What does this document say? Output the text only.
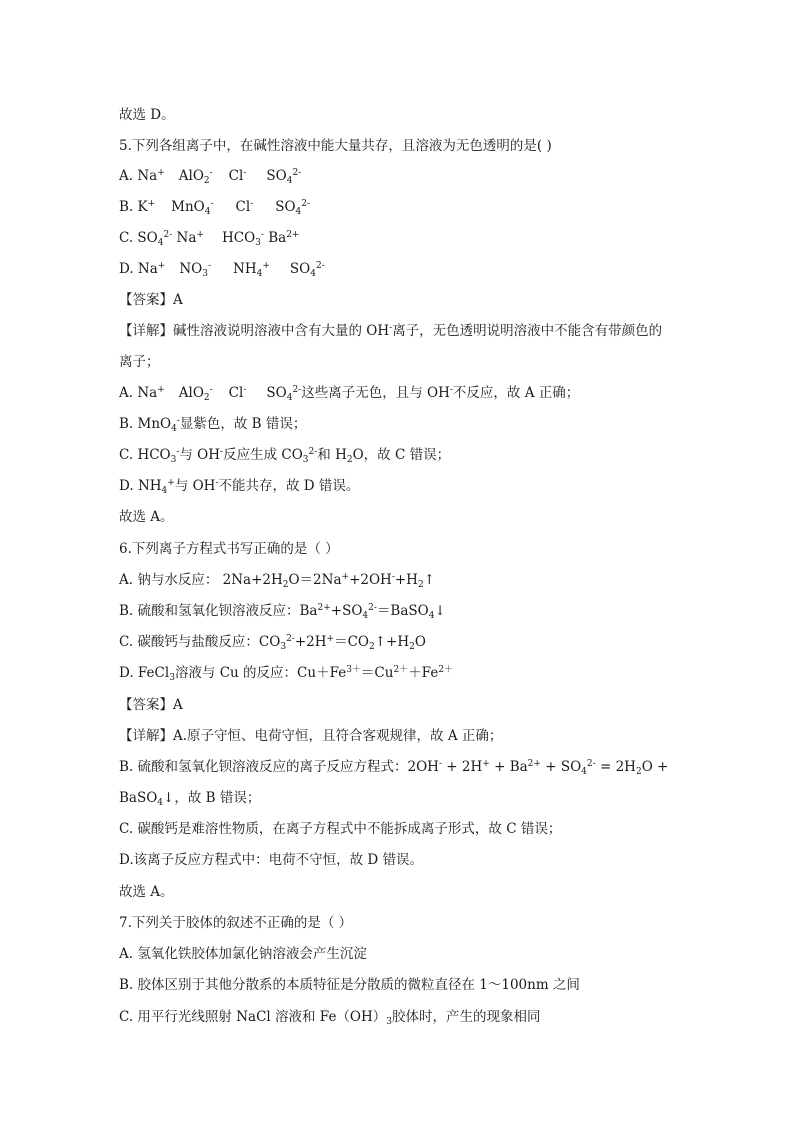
故选 D。
5.下列各组离子中，在碱性溶液中能大量共存，且溶液为无色透明的是( )
A. Na+ AlO$_2$- Cl- $SO_4^{2-}$
B. K+ MnO$_4$- Cl- $SO_4^{2-}$
C. $SO_4^{2-}$ Na+ $HCO_3^-$ $Ba^{2+}$
D. Na+ $NO_3^-$ $NH_4^+$ $SO_4^{2-}$
【答案】A
【详解】碱性溶液说明溶液中含有大量的 OH-离子，无色透明说明溶液中不能含有带颜色的
离子；
A. Na+ AlO$_2$- Cl- $SO_4^{2-}$这些离子无色，且与 OH-不反应，故 A 正确；
B. MnO$_4$-显紫色，故 B 错误；
C. $HCO_3^-$与 OH-反应生成 $CO_3^{2-}$和 $H_2O$，故 C 错误；
D. $NH_4^+$与 OH-不能共存，故 D 错误。
故选 A。
6.下列离子方程式书写正确的是（ ）
A. 钠与水反应： $2Na+2H_2O=2Na^++2OH^-+H_2↑$
B. 硫酸和氢氧化钡溶液反应：$Ba^{2+}+SO_4^{2-}=BaSO_4↓$
C. 碳酸钙与盐酸反应：$CO_3^{2-}+2H^+=CO_2↑+H_2O$
D. FeCl$_3$溶液与 Cu 的反应：$Cu+Fe^{3+}=Cu^{2+}+Fe^{2+}$
【答案】A
【详解】A.原子守恒、电荷守恒，且符合客观规律，故 A 正确；
B. 硫酸和氢氧化钡溶液反应的离子反应方程式：$2OH^- + 2H^+ + Ba^{2+} + SO_4^{2-} = 2H_2O$ +
BaSO$_4$↓，故 B 错误；
C. 碳酸钙是难溶性物质，在离子方程式中不能拆成离子形式，故 C 错误；
D.该离子反应方程式中：电荷不守恒，故 D 错误。
故选 A。
7.下列关于胶体的叙述不正确的是（ ）
A. 氢氧化铁胶体加氯化钠溶液会产生沉淀
B. 胶体区别于其他分散系的本质特征是分散质的微粒直径在 1～100nm 之间
C. 用平行光线照射 NaCl 溶液和 $Fe(OH)_3$胶体时，产生的现象相同
